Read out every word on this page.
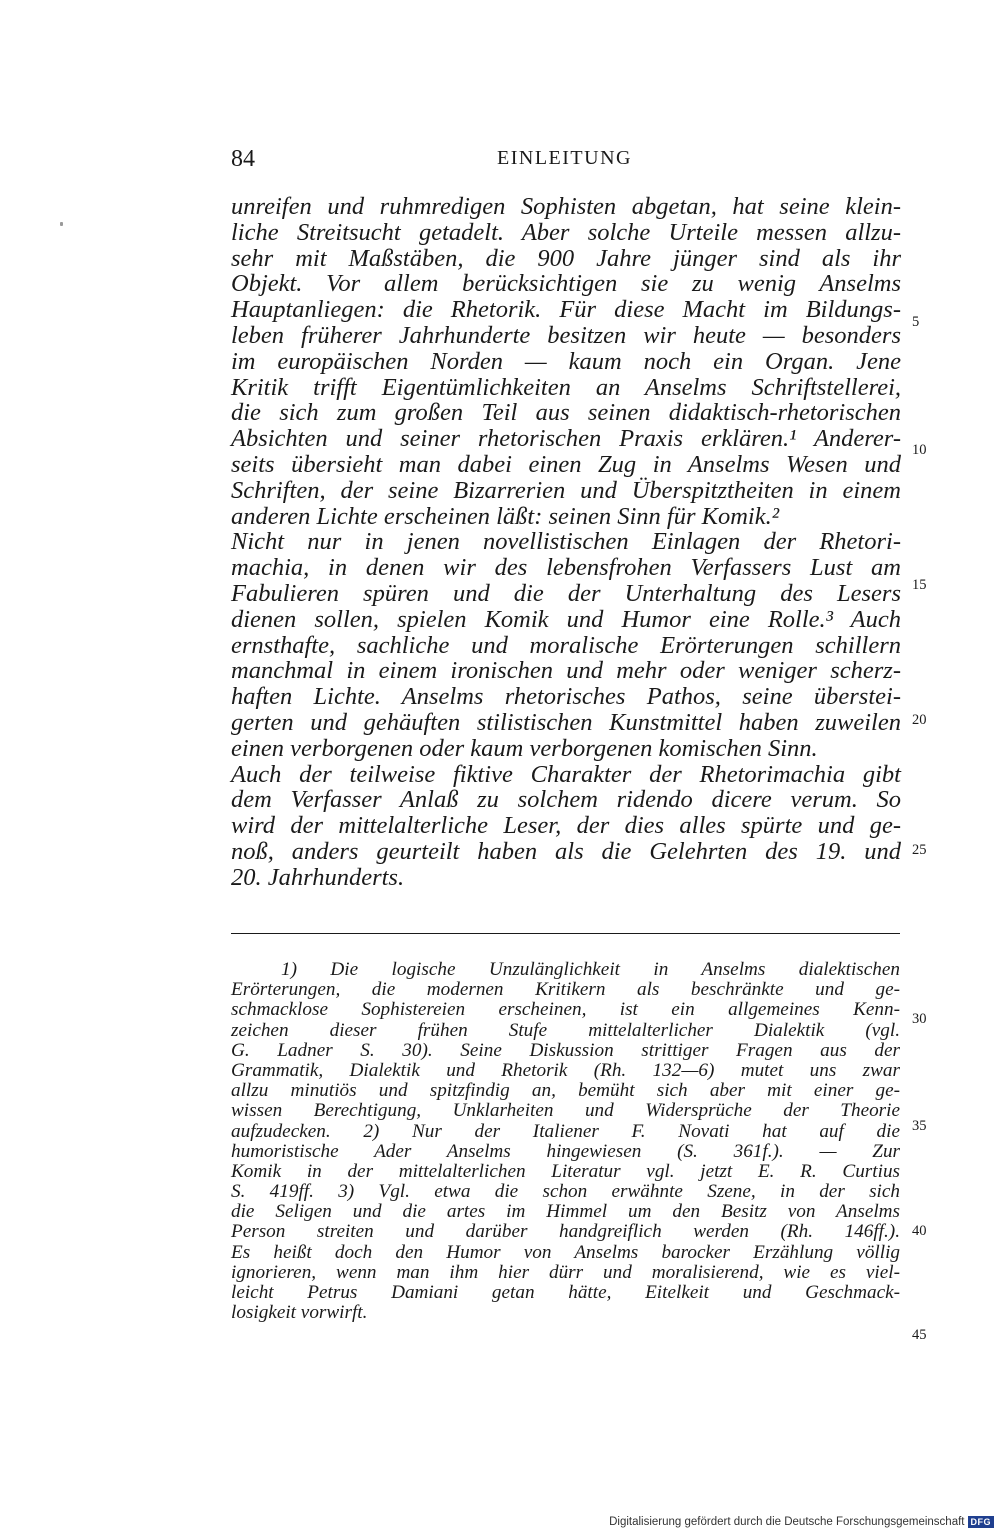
84	EINLEITUNG
unreifen und ruhmredigen Sophisten abgetan, hat seine klein-
liche Streitsucht getadelt. Aber solche Urteile messen allzu-
sehr mit Maßstäben, die 900 Jahre jünger sind als ihr
Objekt. Vor allem berücksichtigen sie zu wenig Anselms
Hauptanliegen: die Rhetorik. Für diese Macht im Bildungs-
leben früherer Jahrhunderte besitzen wir heute — besonders
im europäischen Norden — kaum noch ein Organ. Jene
Kritik trifft Eigentümlichkeiten an Anselms Schriftstellerei,
die sich zum großen Teil aus seinen didaktisch-rhetorischen
Absichten und seiner rhetorischen Praxis erklären.¹ Anderer-
seits übersieht man dabei einen Zug in Anselms Wesen und
Schriften, der seine Bizarrerien und Überspitztheiten in einem
anderen Lichte erscheinen läßt: seinen Sinn für Komik.²
Nicht nur in jenen novellistischen Einlagen der Rhetori-
machia, in denen wir des lebensfrohen Verfassers Lust am
Fabulieren spüren und die der Unterhaltung des Lesers
dienen sollen, spielen Komik und Humor eine Rolle.³ Auch
ernsthafte, sachliche und moralische Erörterungen schillern
manchmal in einem ironischen und mehr oder weniger scherz-
haften Lichte. Anselms rhetorisches Pathos, seine überstei-
gerten und gehäuften stilistischen Kunstmittel haben zuweilen
einen verborgenen oder kaum verborgenen komischen Sinn.
Auch der teilweise fiktive Charakter der Rhetorimachia gibt
dem Verfasser Anlaß zu solchem ridendo dicere verum. So
wird der mittelalterliche Leser, der dies alles spürte und ge-
noß, anders geurteilt haben als die Gelehrten des 19. und
20. Jahrhunderts.
1) Die logische Unzulänglichkeit in Anselms dialektischen
Erörterungen, die modernen Kritikern als beschränkte und ge-
schmacklose Sophistereien erscheinen, ist ein allgemeines Kenn-
zeichen dieser frühen Stufe mittelalterlicher Dialektik (vgl.
G. Ladner S. 30). Seine Diskussion strittiger Fragen aus der
Grammatik, Dialektik und Rhetorik (Rh. 132—6) mutet uns zwar
allzu minutiös und spitzfindig an, bemüht sich aber mit einer ge-
wissen Berechtigung, Unklarheiten und Widersprüche der Theorie
aufzudecken. 2) Nur der Italiener F. Novati hat auf die
humoristische Ader Anselms hingewiesen (S. 361f.). — Zur
Komik in der mittelalterlichen Literatur vgl. jetzt E. R. Curtius
S. 419ff. 3) Vgl. etwa die schon erwähnte Szene, in der sich
die Seligen und die artes im Himmel um den Besitz von Anselms
Person streiten und darüber handgreiflich werden (Rh. 146ff.).
Es heißt doch den Humor von Anselms barocker Erzählung völlig
ignorieren, wenn man ihm hier dürr und moralisierend, wie es viel-
leicht Petrus Damiani getan hätte, Eitelkeit und Geschmack-
losigkeit vorwirft.
5
10
15
20
25
30
35
40
45
Digitalisierung gefördert durch die Deutsche Forschungsgemeinschaft DFG
